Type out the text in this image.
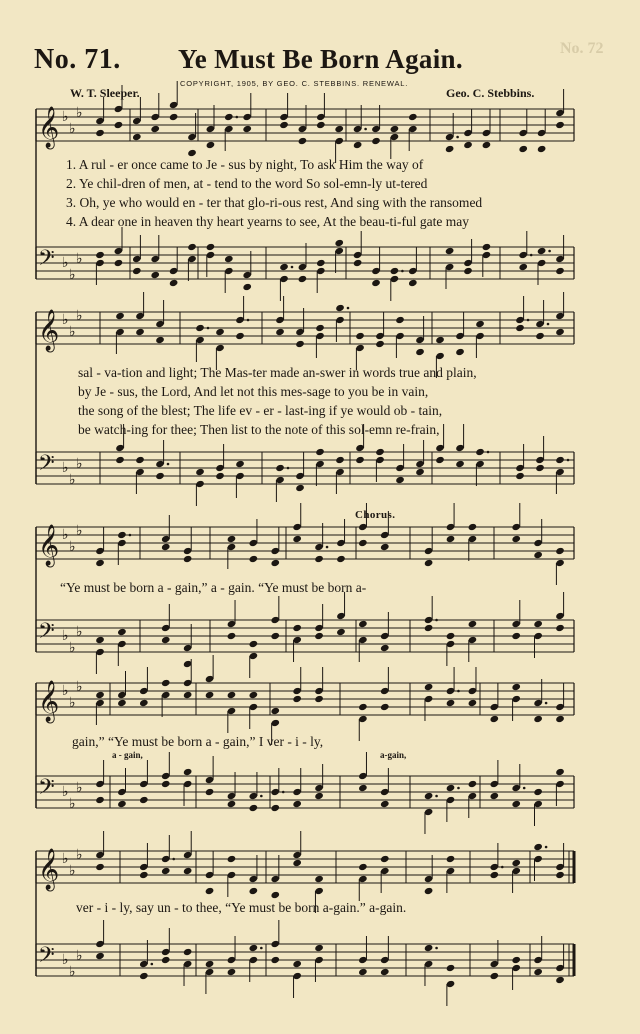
No. 72
No. 71. Ye Must Be Born Again.
COPYRIGHT, 1905, BY GEO. C. STEBBINS. RENEWAL.
W. T. Sleeper.	Geo. C. Stebbins.
𝄞 ♭
♭
♭
𝄢 ♭
♭
♭
𝄞 ♭
♭
♭
𝄢 ♭
♭
♭
𝄞 ♭
♭
♭
𝄢 ♭
♭
♭
𝄞 ♭
♭
♭
𝄢 ♭
♭
♭
𝄞 ♭
♭
♭
𝄢 ♭
♭
♭
1. A rul - er once came to Je - sus by night, To ask Him the way of
2. Ye chil-dren of men, at - tend to the word So sol-emn-ly ut-tered
3. Oh, ye who would en - ter that glo-ri-ous rest, And sing with the ransomed
4. A dear one in heaven thy heart yearns to see, At the beau-ti-ful gate may
sal - va-tion and light; The Mas-ter made an-swer in words true and plain,
by Je - sus, the Lord, And let not this mes-sage to you be in vain,
the song of the blest; The life ev - er - last-ing if ye would ob - tain,
be watch-ing for thee; Then list to the note of this sol-emn re-frain,
Chorus.
“Ye must be born a - gain,” a - gain. “Ye must be born a-
gain,” “Ye must be born a - gain,” I ver - i - ly,
a - gain,	a-gain,
ver - i - ly, say un - to thee, “Ye must be born a-gain.” a-gain.
